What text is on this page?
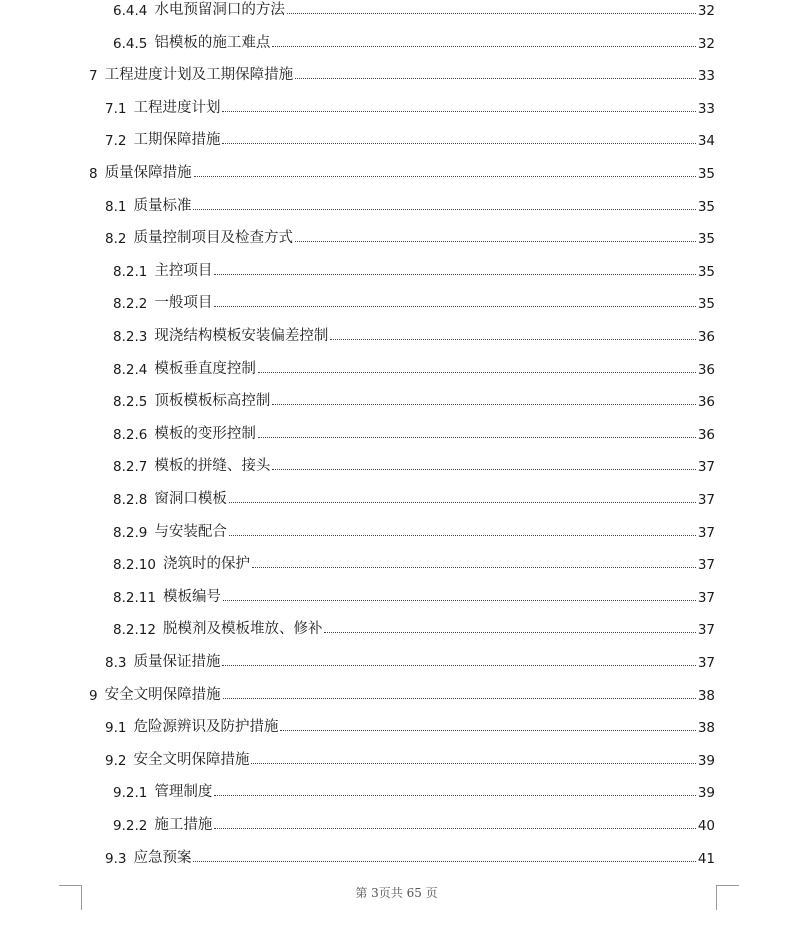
6.4.4 水电预留洞口的方法	32
6.4.5 铝模板的施工难点	32
7 工程进度计划及工期保障措施	33
7.1 工程进度计划	33
7.2 工期保障措施	34
8 质量保障措施	35
8.1 质量标准	35
8.2 质量控制项目及检查方式	35
8.2.1 主控项目	35
8.2.2 一般项目	35
8.2.3 现浇结构模板安装偏差控制	36
8.2.4 模板垂直度控制	36
8.2.5 顶板模板标高控制	36
8.2.6 模板的变形控制	36
8.2.7 模板的拼缝、接头	37
8.2.8 窗洞口模板	37
8.2.9 与安装配合	37
8.2.10 浇筑时的保护	37
8.2.11 模板编号	37
8.2.12 脱模剂及模板堆放、修补	37
8.3 质量保证措施	37
9 安全文明保障措施	38
9.1 危险源辨识及防护措施	38
9.2 安全文明保障措施	39
9.2.1 管理制度	39
9.2.2 施工措施	40
9.3 应急预案	41
第 3页共 65 页
